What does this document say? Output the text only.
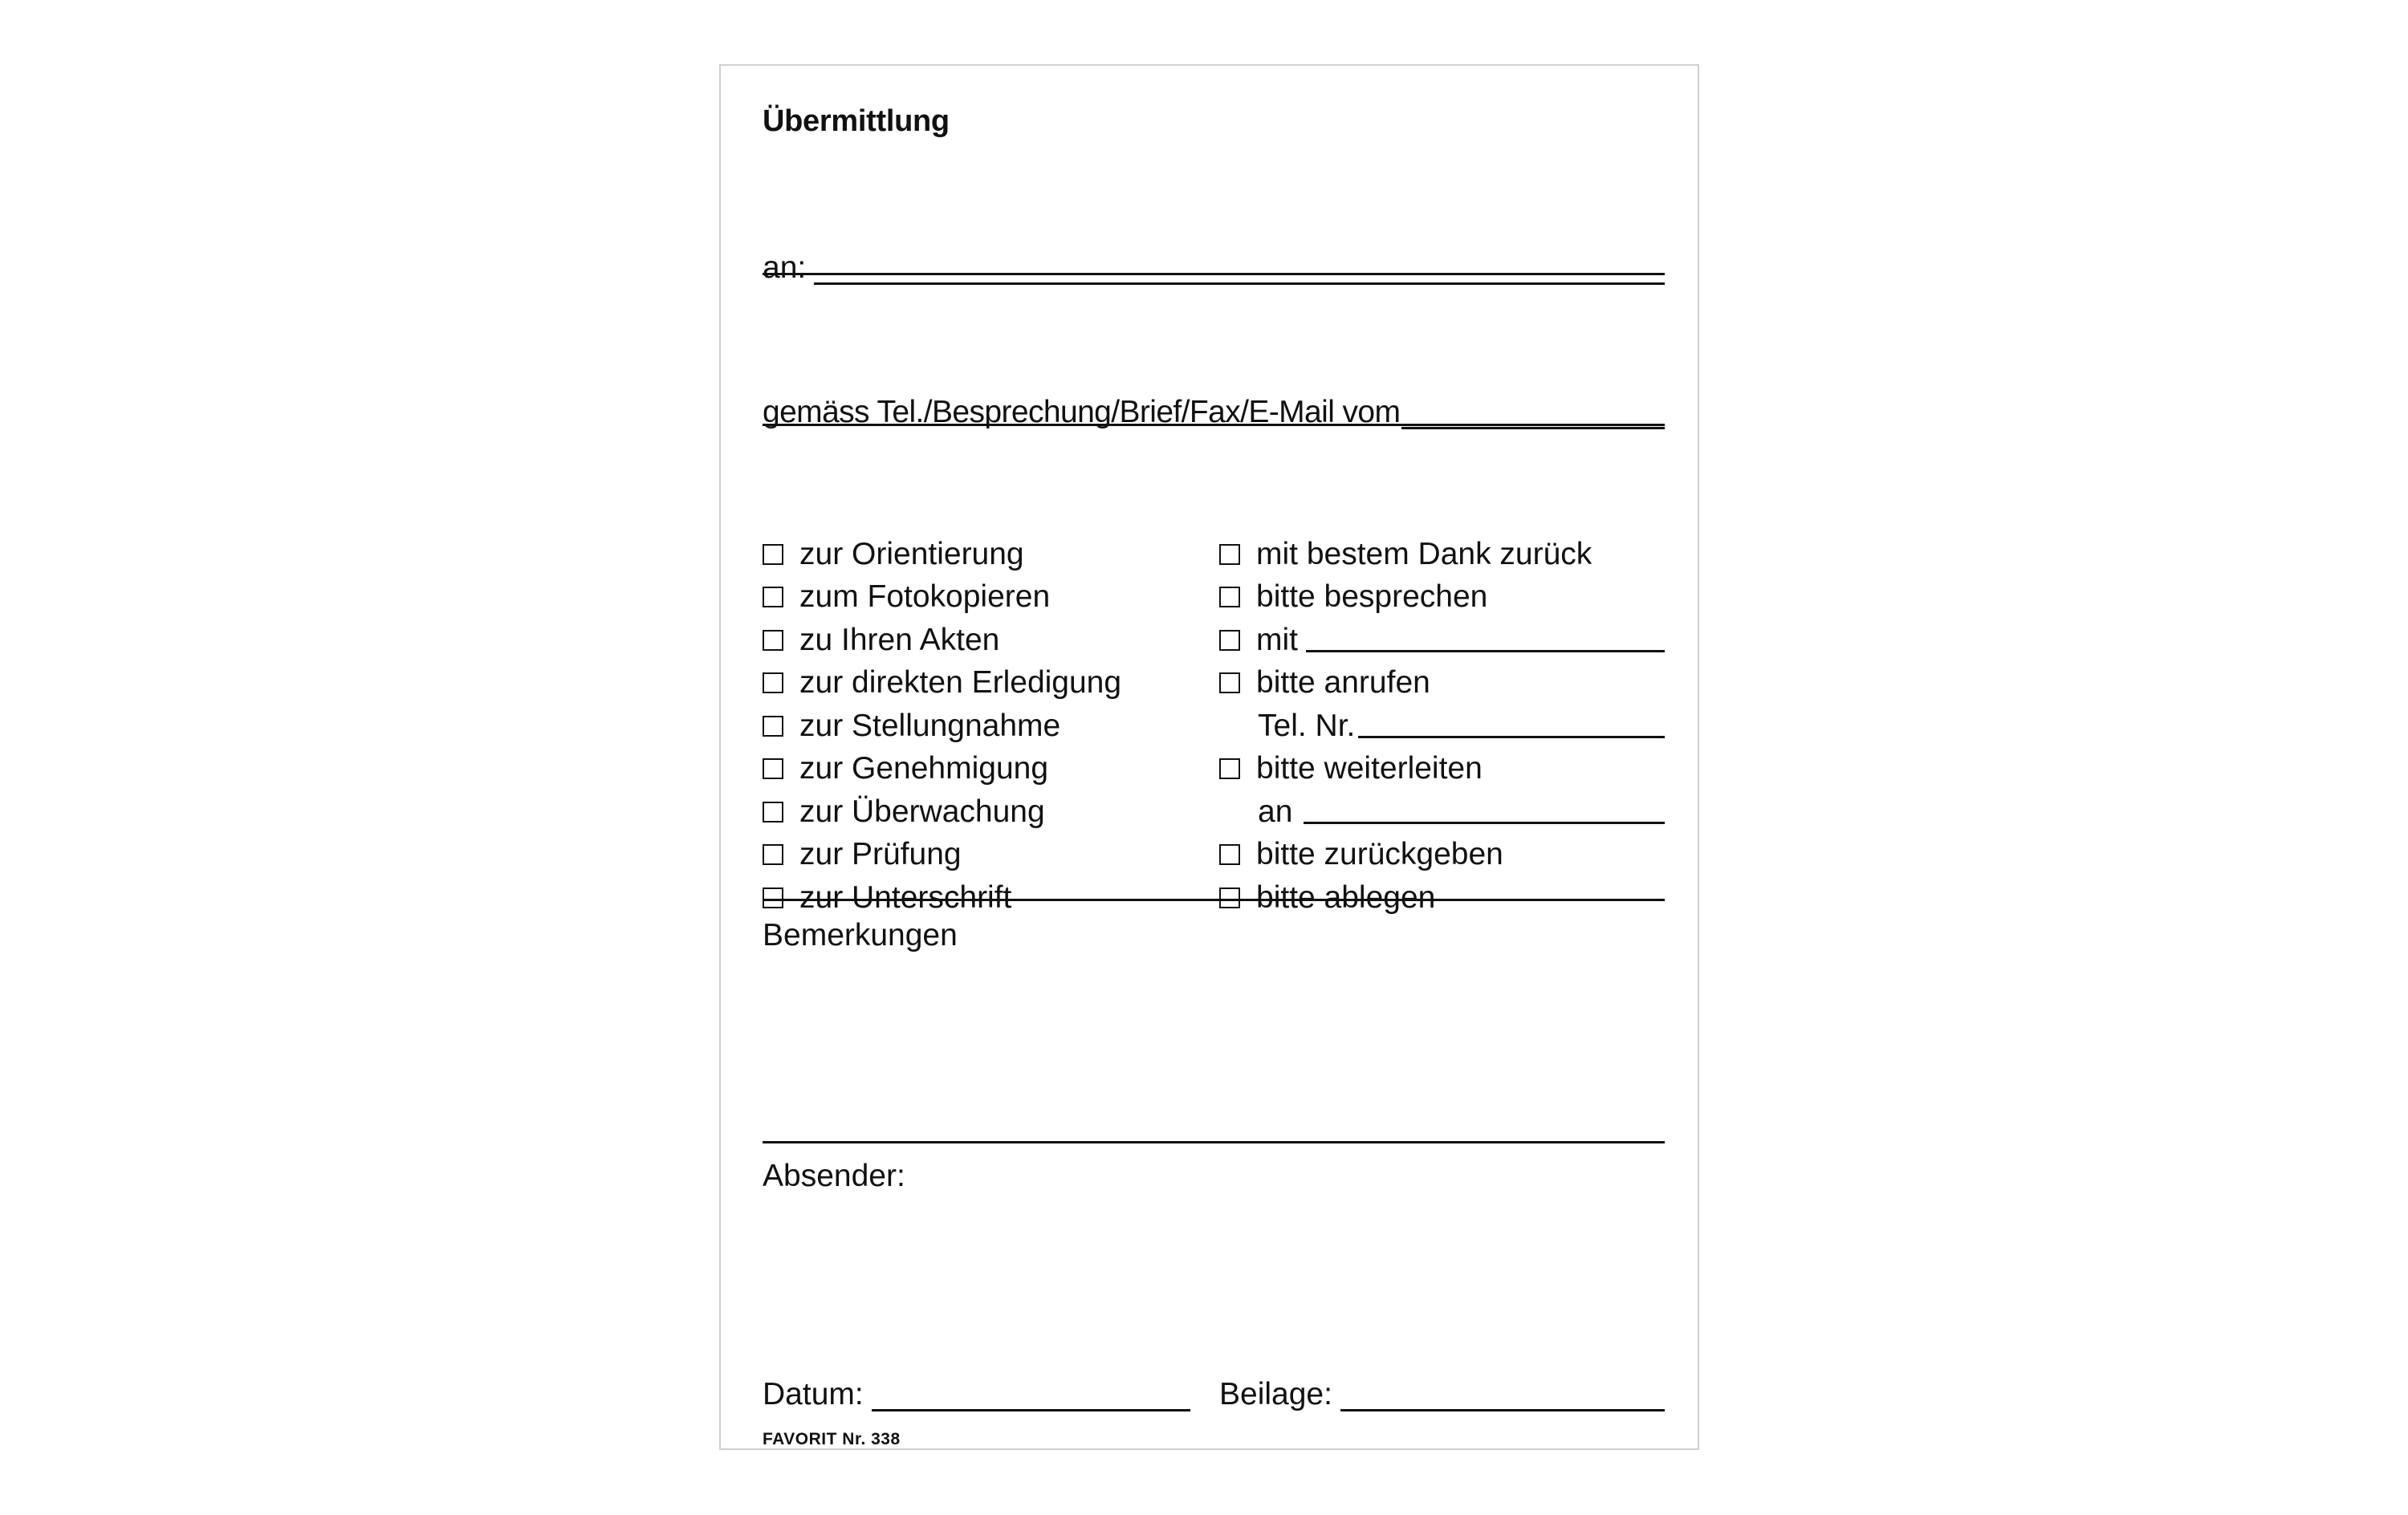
Übermittlung
an:
gemäss Tel./Besprechung/Brief/Fax/E-Mail vom
zur Orientierung
zum Fotokopieren
zu Ihren Akten
zur direkten Erledigung
zur Stellungnahme
zur Genehmigung
zur Überwachung
zur Prüfung
zur Unterschrift
mit bestem Dank zurück
bitte besprechen
mit
bitte anrufen
Tel. Nr.
bitte weiterleiten
an
bitte zurückgeben
bitte ablegen
Bemerkungen
Absender:
Datum:	Beilage:
FAVORIT Nr. 338
